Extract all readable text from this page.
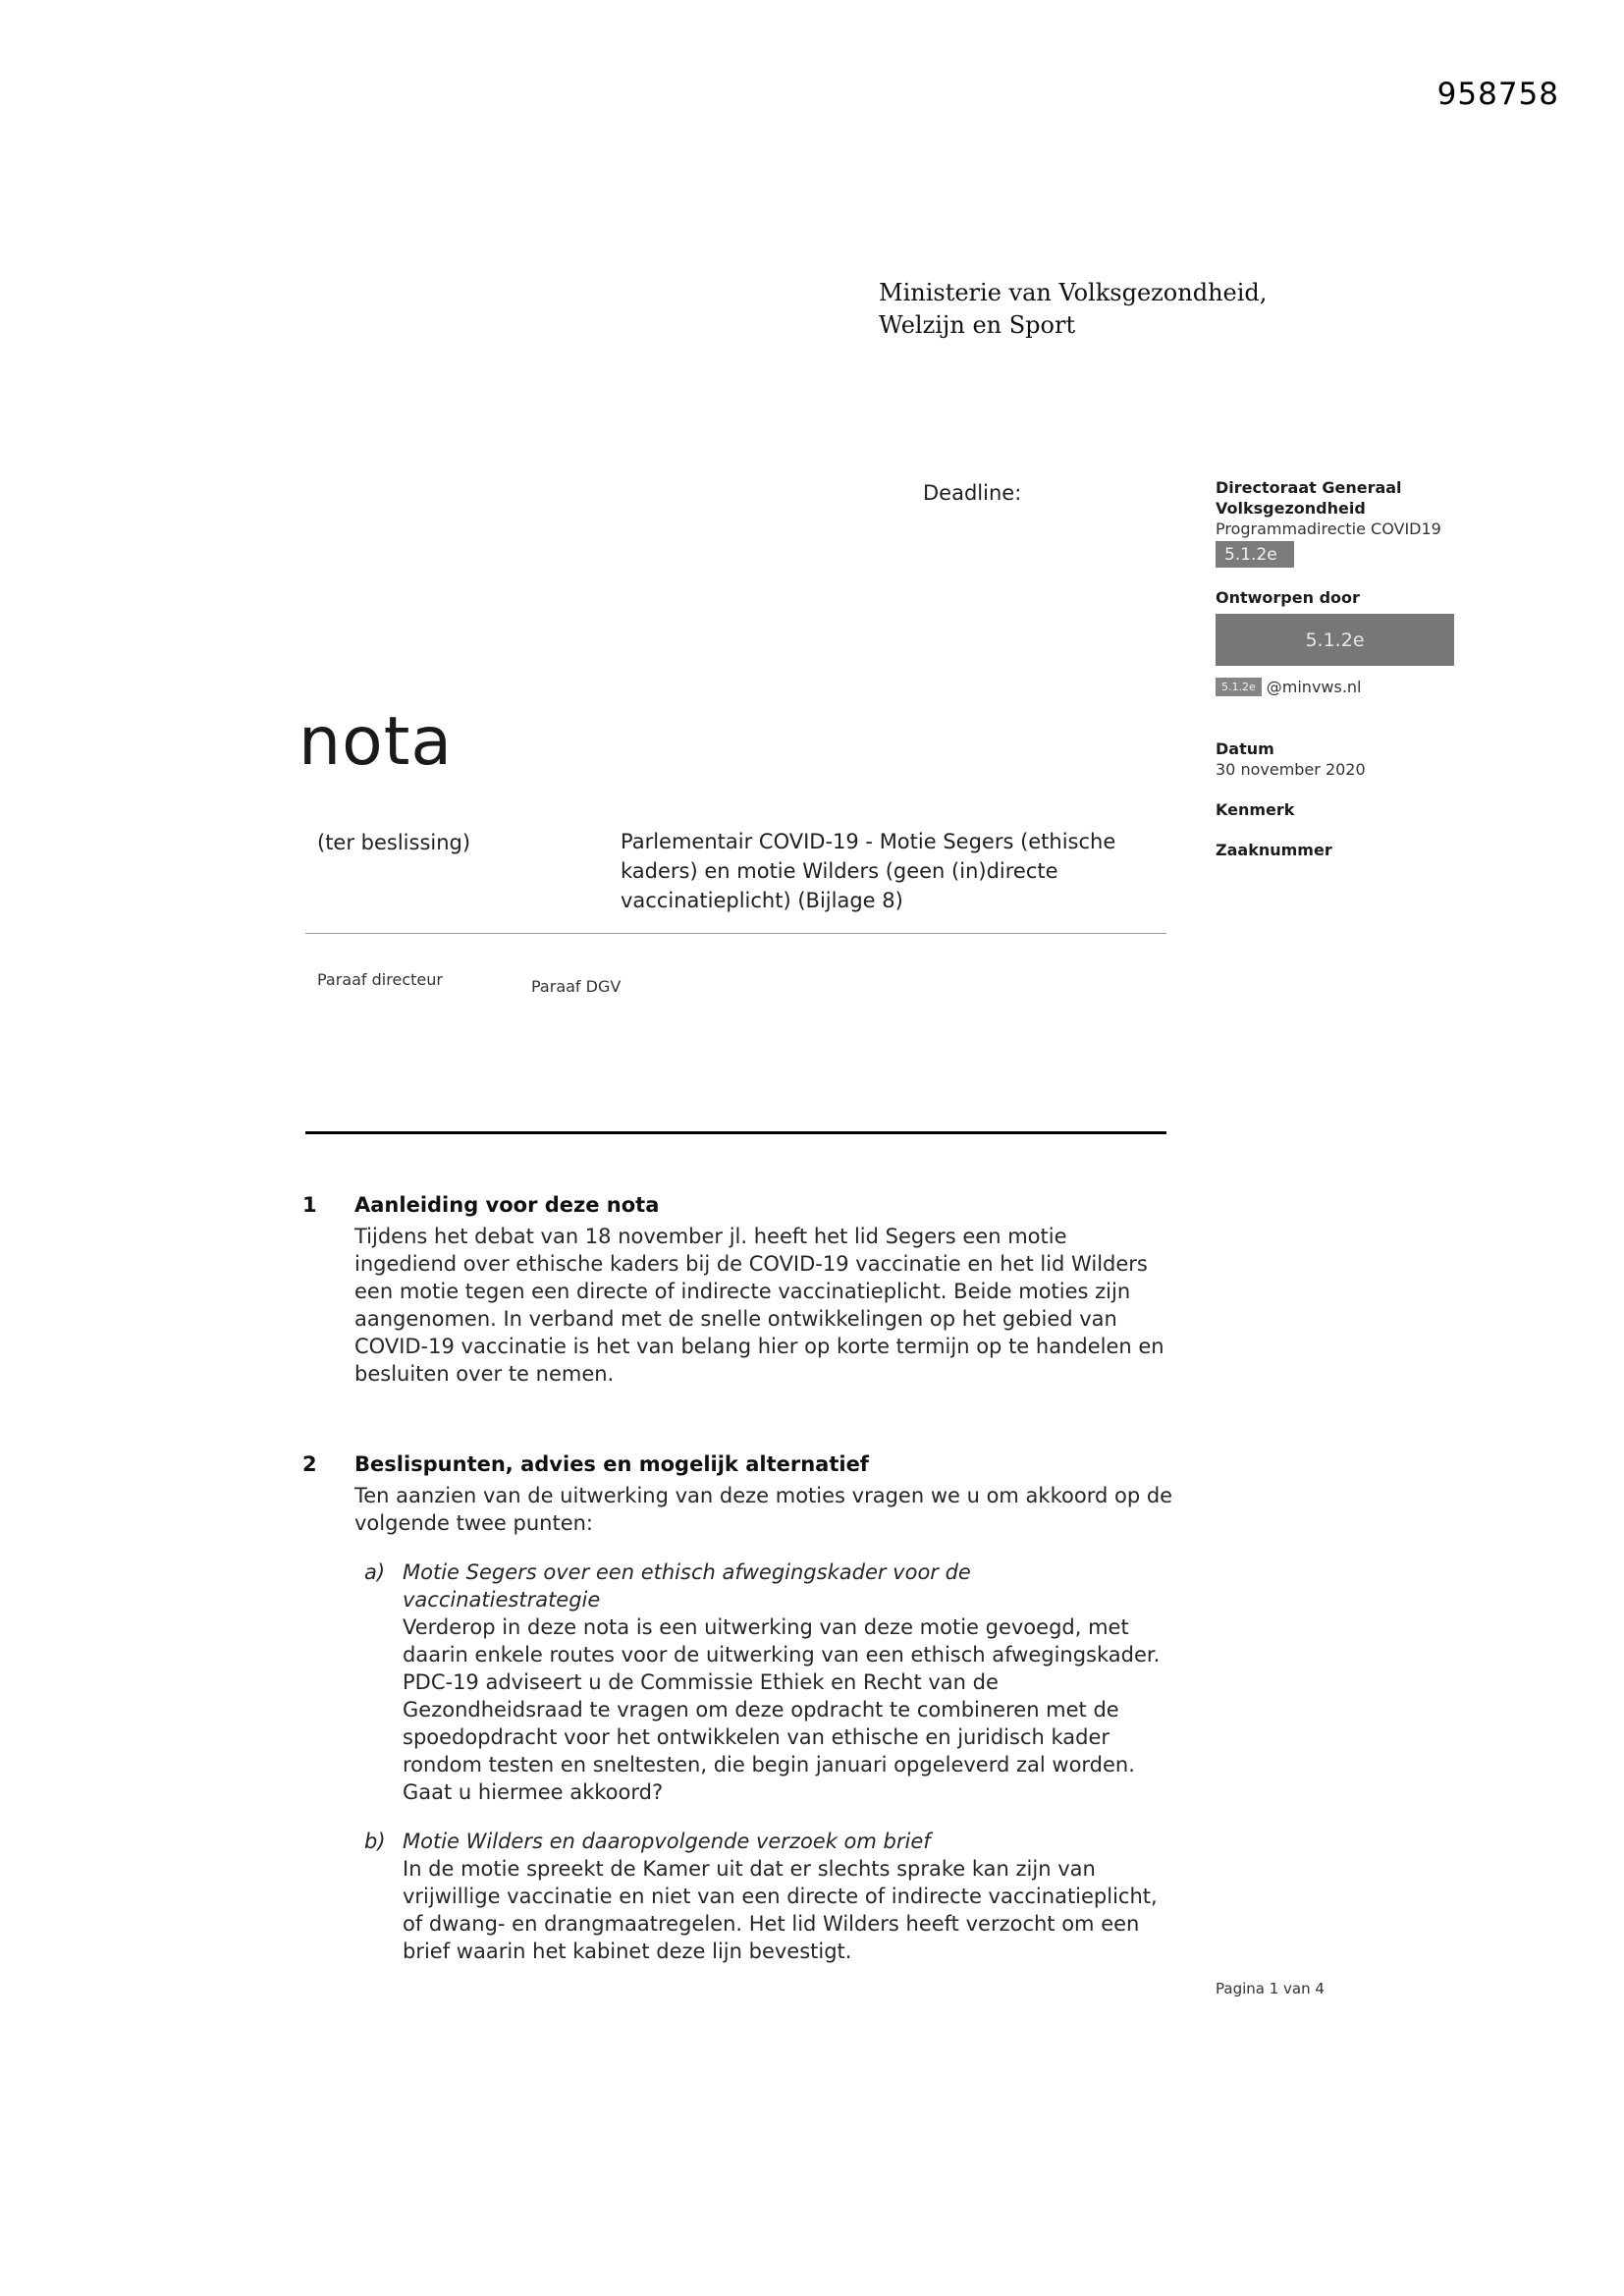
958758
Ministerie van Volksgezondheid,
Welzijn en Sport
Deadline:	Directoraat Generaal
Volksgezondheid
Programmadirectie COVID19
5.1.2e
Ontworpen door
5.1.2e
5.1.2e @minvws.nl
Datum
30 november 2020
Kenmerk
Zaaknummer
nota
(ter beslissing)	Parlementair COVID-19 - Motie Segers (ethische kaders) en motie Wilders (geen (in)directe vaccinatieplicht) (Bijlage 8)
Paraaf directeur	Paraaf DGV
1	Aanleiding voor deze nota

Tijdens het debat van 18 november jl. heeft het lid Segers een motie ingediend over ethische kaders bij de COVID-19 vaccinatie en het lid Wilders een motie tegen een directe of indirecte vaccinatieplicht. Beide moties zijn aangenomen. In verband met de snelle ontwikkelingen op het gebied van COVID-19 vaccinatie is het van belang hier op korte termijn op te handelen en besluiten over te nemen.

2	Beslispunten, advies en mogelijk alternatief

Ten aanzien van de uitwerking van deze moties vragen we u om akkoord op de volgende twee punten:

a) Motie Segers over een ethisch afwegingskader voor de vaccinatiestrategie

Verderop in deze nota is een uitwerking van deze motie gevoegd, met daarin enkele routes voor de uitwerking van een ethisch afwegingskader. PDC-19 adviseert u de Commissie Ethiek en Recht van de Gezondheidsraad te vragen om deze opdracht te combineren met de spoedopdracht voor het ontwikkelen van ethische en juridisch kader rondom testen en sneltesten, die begin januari opgeleverd zal worden. Gaat u hiermee akkoord?

b) Motie Wilders en daaropvolgende verzoek om brief

In de motie spreekt de Kamer uit dat er slechts sprake kan zijn van vrijwillige vaccinatie en niet van een directe of indirecte vaccinatieplicht, of dwang- en drangmaatregelen. Het lid Wilders heeft verzocht om een brief waarin het kabinet deze lijn bevestigt.

Pagina 1 van 4
